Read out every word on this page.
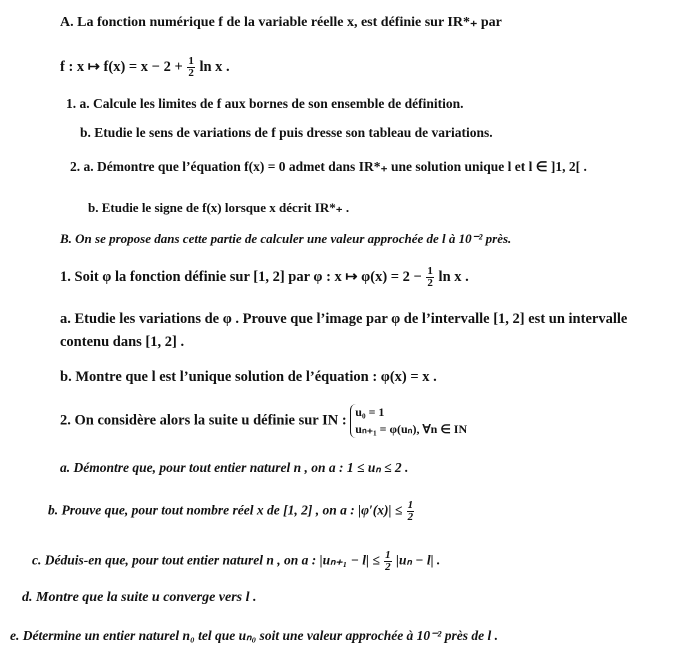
A. La fonction numérique f de la variable réelle x, est définie sur IR*₊ par
f : x ↦ $f(x) = x - 2 + \frac{1}{2}$ ln x .
1. a. Calcule les limites de f aux bornes de son ensemble de définition.
b. Etudie le sens de variations de f puis dresse son tableau de variations.
2. a. Démontre que l’équation f(x) = 0 admet dans IR*₊ une solution unique l et l ∈ ]1, 2[ .
b. Etudie le signe de f(x) lorsque x décrit IR*₊ .
B. On se propose dans cette partie de calculer une valeur approchée de l à 10⁻² près.
1. Soit φ la fonction définie sur [1, 2] par φ : x ↦ $\varphi(x) = 2 - \frac{1}{2}$ ln x .
a. Etudie les variations de φ . Prouve que l’image par φ de l’intervalle [1, 2] est un intervalle
contenu dans [1, 2] .
b. Montre que l est l’unique solution de l’équation : φ(x) = x .
2. On considère alors la suite u définie sur IN :
u₀ = 1
uₙ₊₁ = φ(uₙ), ∀n ∈ IN
a. Démontre que, pour tout entier naturel n , on a : 1 ≤ uₙ ≤ 2 .
b. Prouve que, pour tout nombre réel x de [1, 2] , on a : $|\varphi'(x)| \le \frac{1}{2}$
c. Déduis-en que, pour tout entier naturel n , on a : $|u_{n+1} - l| \le \frac{1}{2} |u_n - l|$ .
d. Montre que la suite u converge vers l .
e. Détermine un entier naturel n₀ tel que uₙ₀ soit une valeur approchée à 10⁻² près de l .
